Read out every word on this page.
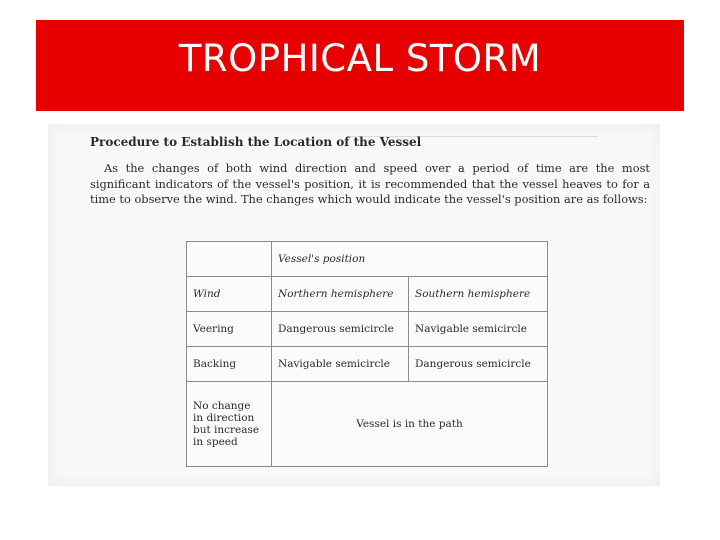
TROPHICAL STORM
Procedure to Establish the Location of the Vessel

As the changes of both wind direction and speed over a period of time are the most significant indicators of the vessel's position, it is recommended that the vessel heaves to for a time to observe the wind. The changes which would indicate the vessel's position are as follows:

	Vessel's position	
Wind	Northern hemisphere	Southern hemisphere
Veering	Dangerous semicircle	Navigable semicircle
Backing	Navigable semicircle	Dangerous semicircle

No change
in direction
but increase
in speed	Vessel is in the path	
